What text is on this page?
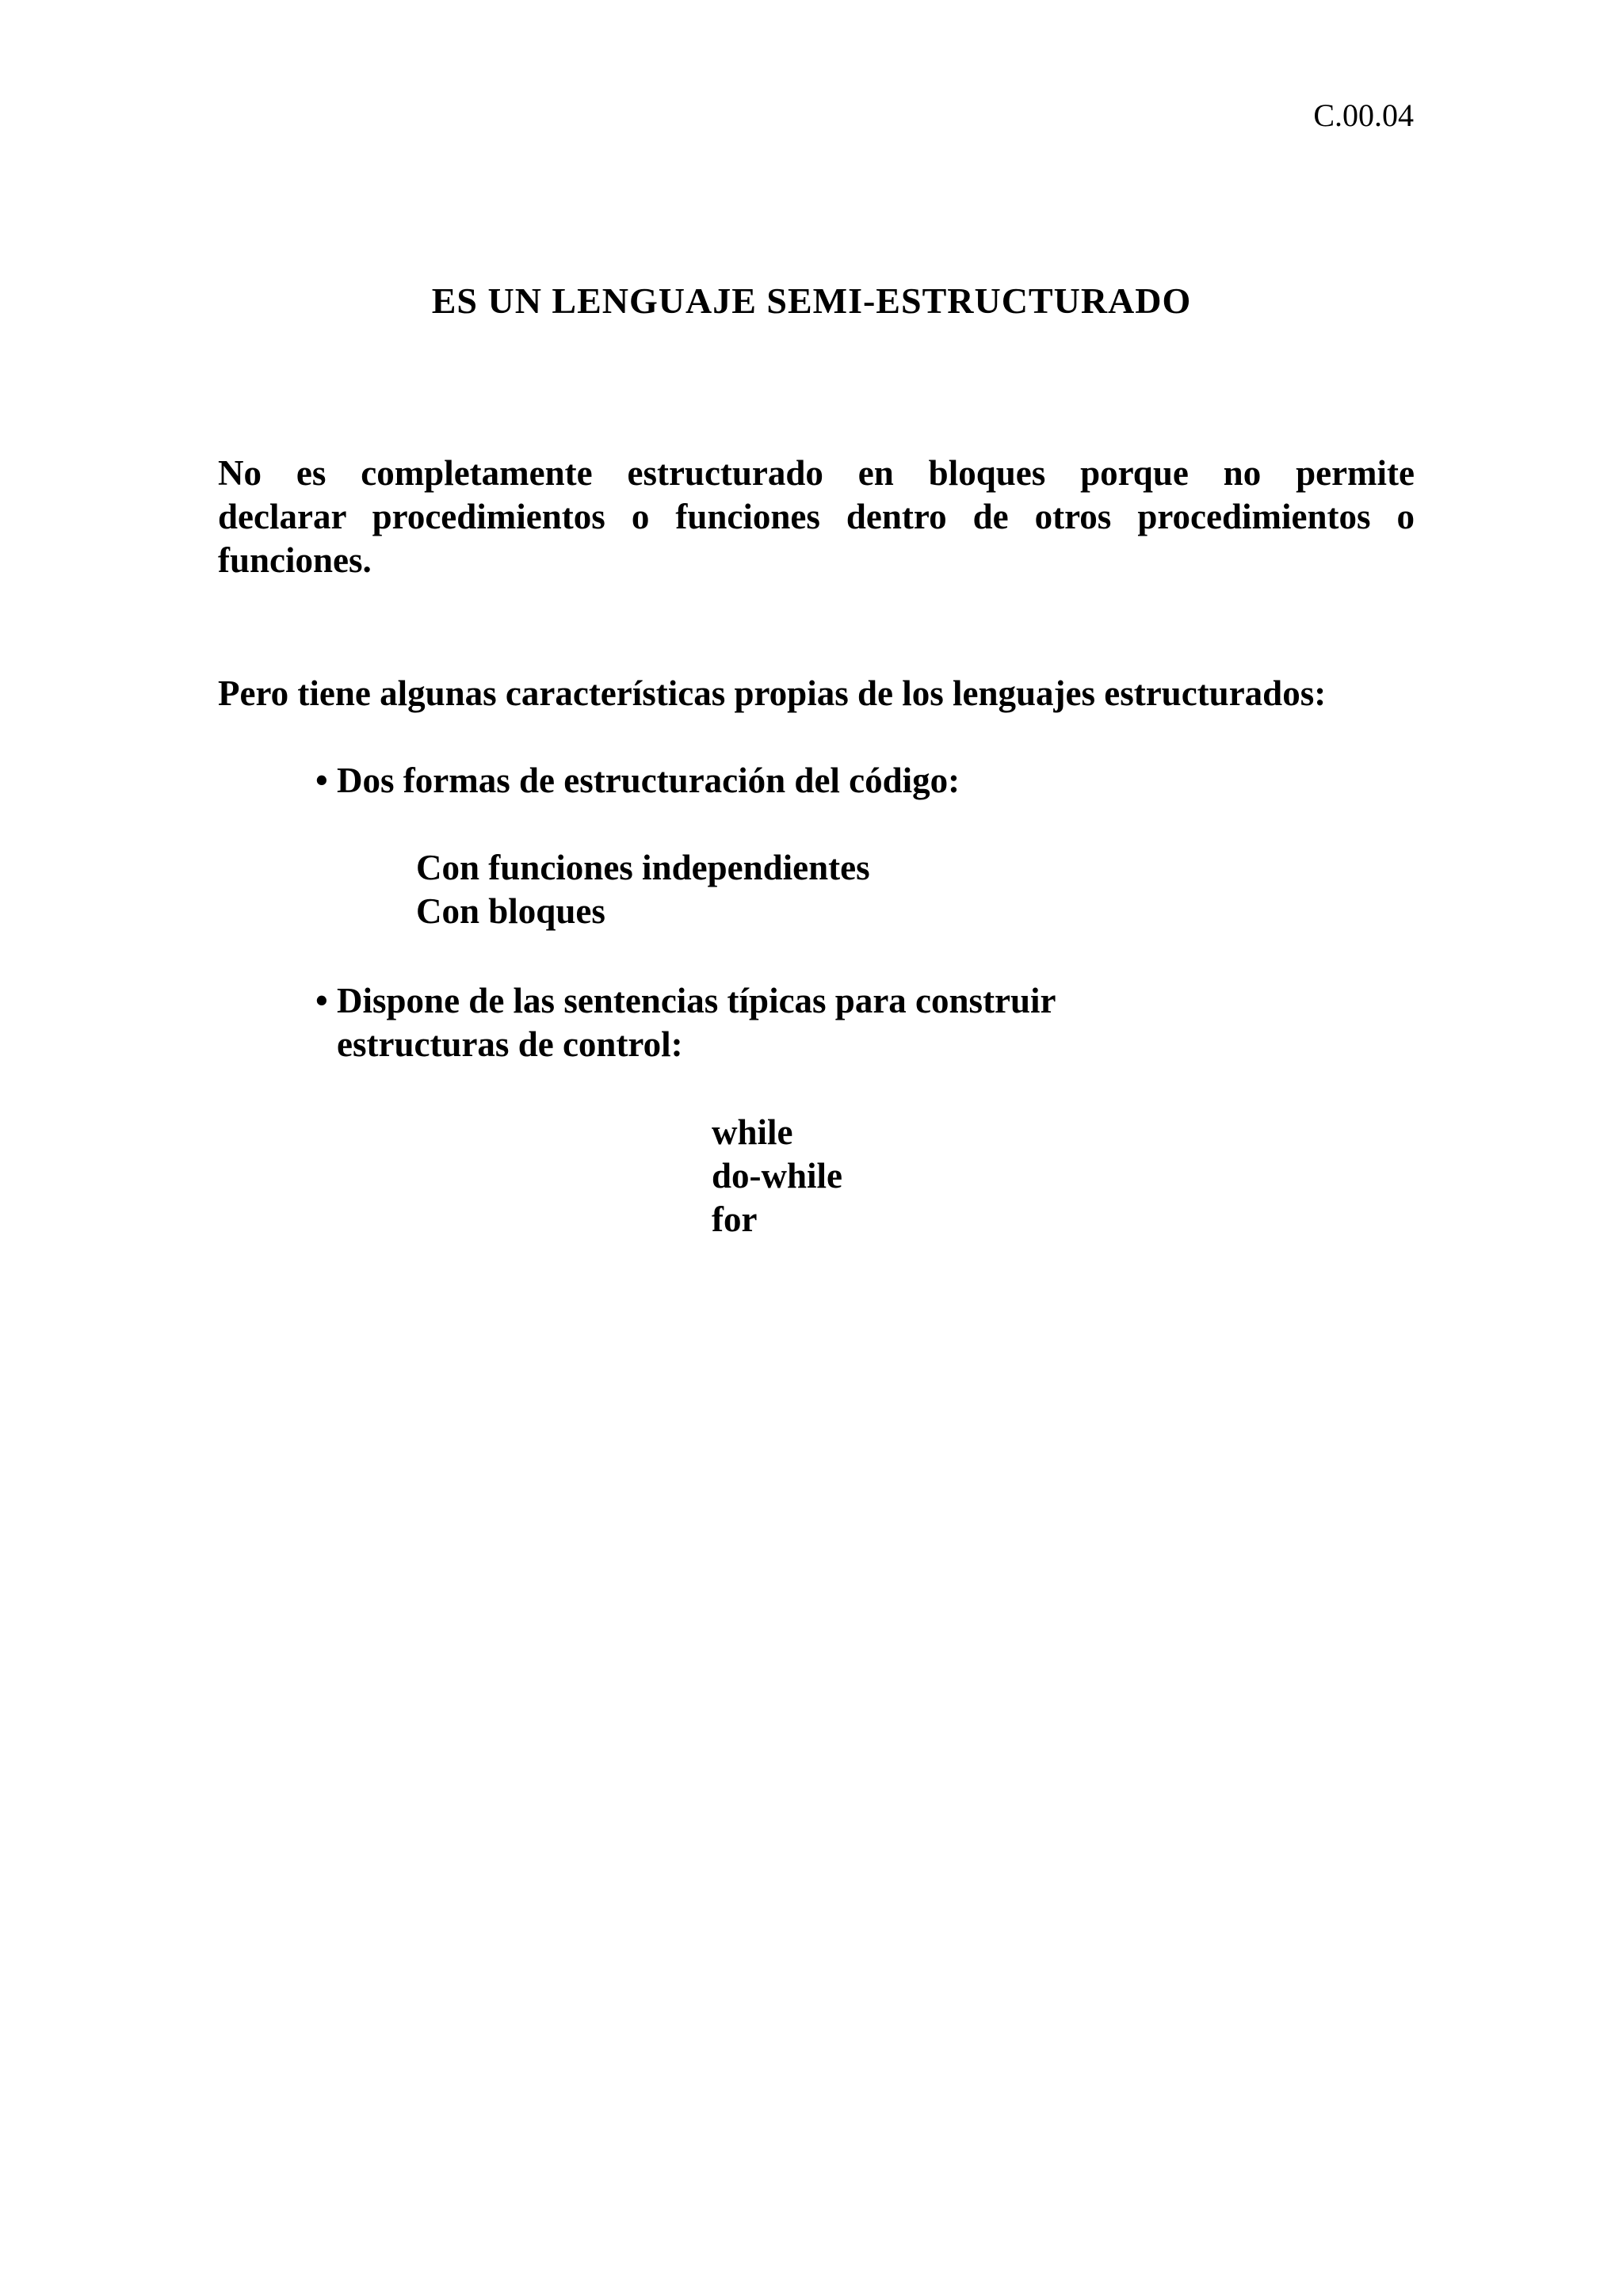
C.00.04
ES UN LENGUAJE SEMI-ESTRUCTURADO
No es completamente estructurado en bloques porque no permite
declarar procedimientos o funciones dentro de otros procedimientos o
funciones.
Pero tiene algunas características propias de los lenguajes estructurados:
• Dos formas de estructuración del código:
Con funciones independientes
Con bloques
• Dispone de las sentencias típicas para construir
estructuras de control:
while
do-while
for
